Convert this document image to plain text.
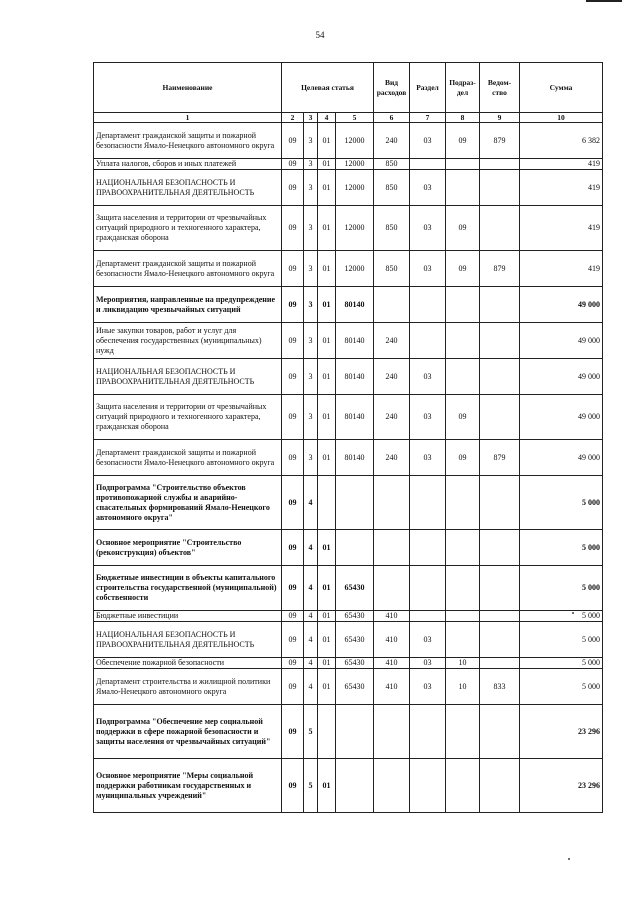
54
Наименование	Целевая статья				Вид расходов	Раздел	Подраз-дел	Ведом-ство	Сумма
1	2	3	4	5	6	7	8	9	10
Департамент гражданской защиты и пожарной безопасности Ямало-Ненецкого автономного округа	09	3	01	12000	240	03	09	879	6 382
Уплата налогов, сборов и иных платежей	09	3	01	12000	850				419
НАЦИОНАЛЬНАЯ БЕЗОПАСНОСТЬ И ПРАВООХРАНИТЕЛЬНАЯ ДЕЯТЕЛЬНОСТЬ	09	3	01	12000	850	03			419
Защита населения и территории от чрезвычайных ситуаций природного и техногенного характера, гражданская оборона	09	3	01	12000	850	03	09		419
Департамент гражданской защиты и пожарной безопасности Ямало-Ненецкого автономного округа	09	3	01	12000	850	03	09	879	419
Мероприятия, направленные на предупреждение и ликвидацию чрезвычайных ситуаций	09	3	01	80140					49 000
Иные закупки товаров, работ и услуг для обеспечения государственных (муниципальных) нужд	09	3	01	80140	240				49 000
НАЦИОНАЛЬНАЯ БЕЗОПАСНОСТЬ И ПРАВООХРАНИТЕЛЬНАЯ ДЕЯТЕЛЬНОСТЬ	09	3	01	80140	240	03			49 000
Защита населения и территории от чрезвычайных ситуаций природного и техногенного характера, гражданская оборона	09	3	01	80140	240	03	09		49 000
Департамент гражданской защиты и пожарной безопасности Ямало-Ненецкого автономного округа	09	3	01	80140	240	03	09	879	49 000
Подпрограмма "Строительство объектов противопожарной службы и аварийно-спасательных формирований Ямало-Ненецкого автономного округа"	09	4							5 000
Основное мероприятие "Строительство (реконструкция) объектов"	09	4	01						5 000
Бюджетные инвестиции в объекты капитального строительства государственной (муниципальной) собственности	09	4	01	65430					5 000
Бюджетные инвестиции	09	4	01	65430	410				5 000
НАЦИОНАЛЬНАЯ БЕЗОПАСНОСТЬ И ПРАВООХРАНИТЕЛЬНАЯ ДЕЯТЕЛЬНОСТЬ	09	4	01	65430	410	03			5 000
Обеспечение пожарной безопасности	09	4	01	65430	410	03	10		5 000
Департамент строительства и жилищной политики Ямало-Ненецкого автономного округа	09	4	01	65430	410	03	10	833	5 000
Подпрограмма "Обеспечение мер социальной поддержки в сфере пожарной безопасности и защиты населения от чрезвычайных ситуаций"	09	5							23 296
Основное мероприятие "Меры социальной поддержки работникам государственных и муниципальных учреждений"	09	5	01						23 296
